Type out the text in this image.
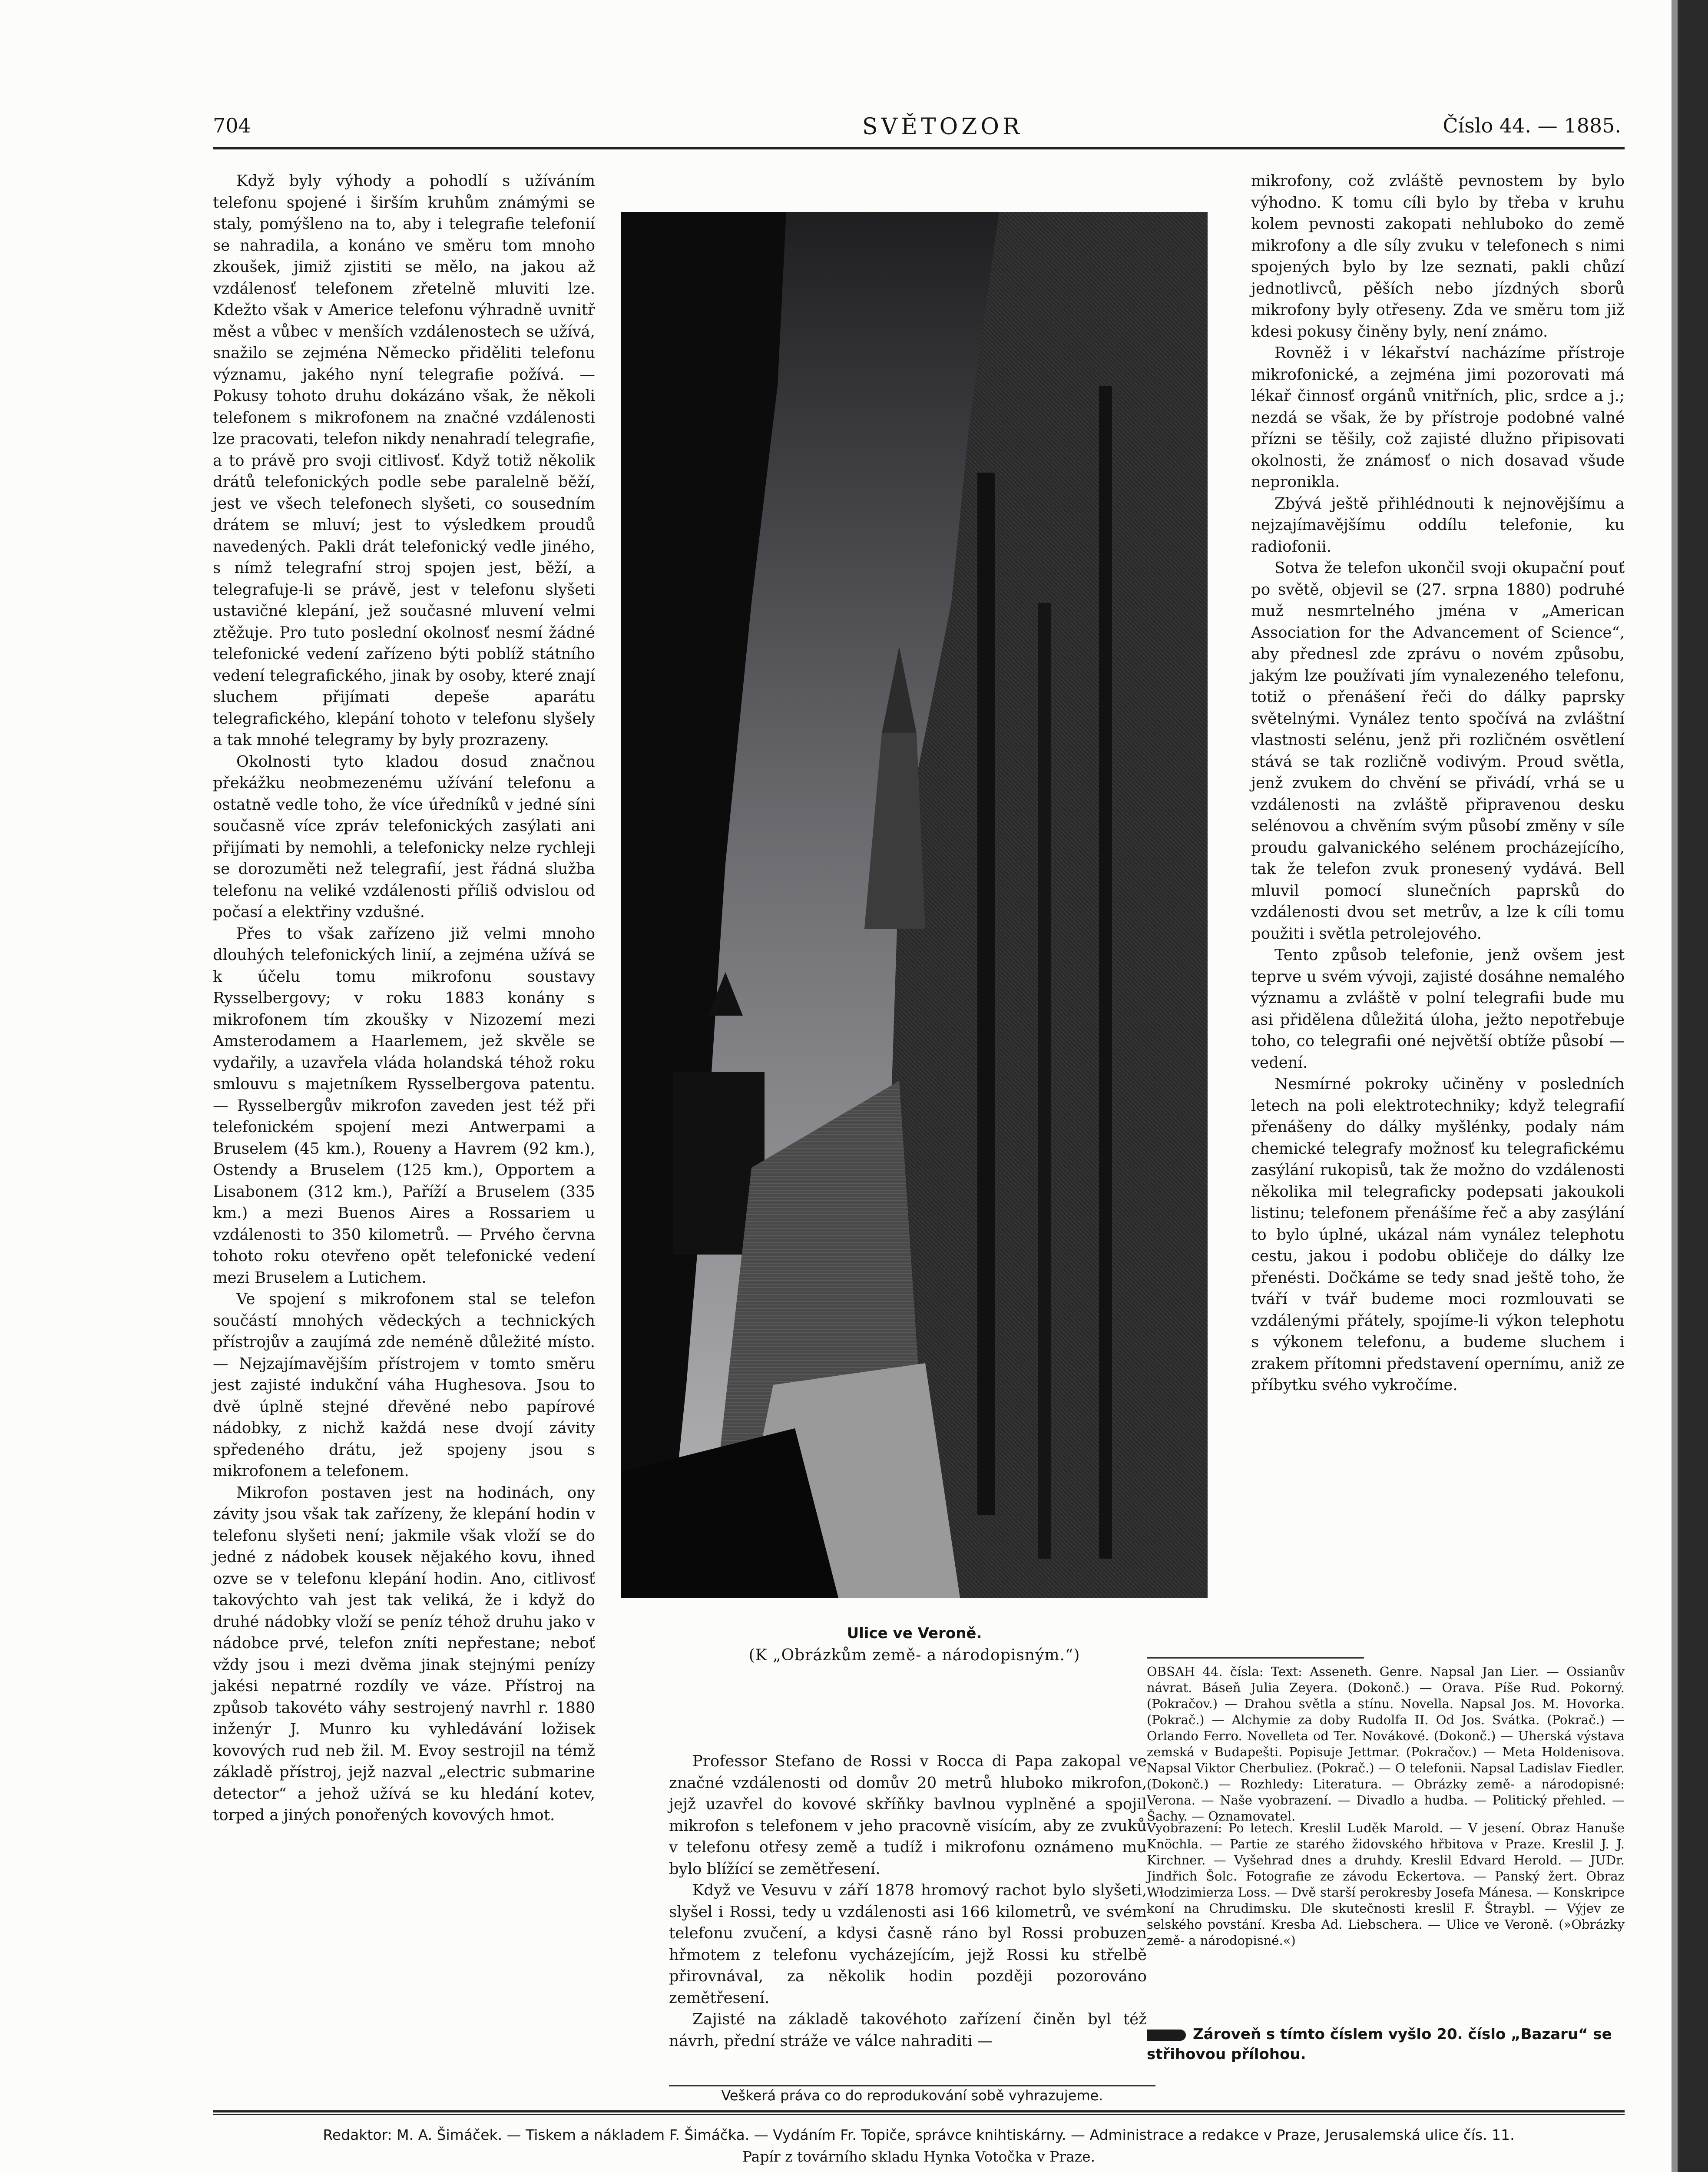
704	SVĚTOZOR	Číslo 44. — 1885.

Když byly výhody a pohodlí s užíváním telefonu spojené i širším kruhům známými se staly, pomýšleno na to, aby i telegrafie telefonií se nahradila, a konáno ve směru tom mnoho zkoušek, jimiž zjistiti se mělo, na jakou až vzdálenosť telefonem zřetelně mluviti lze. Kdežto však v Americe telefonu výhradně uvnitř měst a vůbec v menších vzdálenostech se užívá, snažilo se zejména Německo přiděliti telefonu významu, jakého nyní telegrafie požívá. — Pokusy tohoto druhu dokázáno však, že několi telefonem s mikrofonem na značné vzdálenosti lze pracovati, telefon nikdy nenahradí telegrafie, a to právě pro svoji citlivosť. Když totiž několik drátů telefonických podle sebe paralelně běží, jest ve všech telefonech slyšeti, co sousedním drátem se mluví; jest to výsledkem proudů navedených. Pakli drát telefonický vedle jiného, s nímž telegrafní stroj spojen jest, běží, a telegrafuje-li se právě, jest v telefonu slyšeti ustavičné klepání, jež současné mluvení velmi ztěžuje. Pro tuto poslední okolnosť nesmí žádné telefonické vedení zařízeno býti poblíž státního vedení telegrafického, jinak by osoby, které znají sluchem přijímati depeše aparátu telegrafického, klepání tohoto v telefonu slyšely a tak mnohé telegramy by byly prozrazeny.

Okolnosti tyto kladou dosud značnou překážku neobmezenému užívání telefonu a ostatně vedle toho, že více úředníků v jedné síni současně více zpráv telefonických zasýlati ani přijímati by nemohli, a telefonicky nelze rychleji se dorozuměti než telegrafií, jest řádná služba telefonu na veliké vzdálenosti příliš odvislou od počasí a elektřiny vzdušné.

Přes to však zařízeno již velmi mnoho dlouhých telefonických linií, a zejména užívá se k účelu tomu mikrofonu soustavy Rysselbergovy; v roku 1883 konány s mikrofonem tím zkoušky v Nizozemí mezi Amsterodamem a Haarlemem, jež skvěle se vydařily, a uzavřela vláda holandská téhož roku smlouvu s majetníkem Rysselbergova patentu. — Rysselbergův mikrofon zaveden jest též při telefonickém spojení mezi Antwerpami a Bruselem (45 km.), Roueny a Havrem (92 km.), Ostendy a Bruselem (125 km.), Opportem a Lisabonem (312 km.), Paříží a Bruselem (335 km.) a mezi Buenos Aires a Rossariem u vzdálenosti to 350 kilometrů. — Prvého června tohoto roku otevřeno opět telefonické vedení mezi Bruselem a Lutichem.

Ve spojení s mikrofonem stal se telefon součástí mnohých vědeckých a technických přístrojův a zaujímá zde neméně důležité místo. — Nejzajímavějším přístrojem v tomto směru jest zajisté indukční váha Hughesova. Jsou to dvě úplně stejné dřevěné nebo papírové nádobky, z nichž každá nese dvojí závity spředeného drátu, jež spojeny jsou s mikrofonem a telefonem.

Mikrofon postaven jest na hodinách, ony závity jsou však tak zařízeny, že klepání hodin v telefonu slyšeti není; jakmile však vloží se do jedné z nádobek kousek nějakého kovu, ihned ozve se v telefonu klepání hodin. Ano, citlivosť takovýchto vah jest tak veliká, že i když do druhé nádobky vloží se peníz téhož druhu jako v nádobce prvé, telefon zníti nepřestane; neboť vždy jsou i mezi dvěma jinak stejnými penízy jakési nepatrné rozdíly ve váze. Přístroj na způsob takovéto váhy sestrojený navrhl r. 1880 inženýr J. Munro ku vyhledávání ložisek kovových rud neb žil. M. Evoy sestrojil na témž základě přístroj, jejž nazval „electric submarine detector“ a jehož užívá se ku hledání kotev, torped a jiných ponořených kovových hmot.

Ulice ve Veroně.
(K „Obrázkům země- a národopisným.“)

Professor Stefano de Rossi v Rocca di Papa zakopal ve značné vzdálenosti od domův 20 metrů hluboko mikrofon, jejž uzavřel do kovové skříňky bavlnou vyplněné a spojil mikrofon s telefonem v jeho pracovně visícím, aby ze zvuků v telefonu otřesy země a tudíž i mikrofonu oznámeno mu bylo blížící se zemětřesení.

Když ve Vesuvu v září 1878 hromový rachot bylo slyšeti, slyšel i Rossi, tedy u vzdálenosti asi 166 kilometrů, ve svém telefonu zvučení, a kdysi časně ráno byl Rossi probuzen hřmotem z telefonu vycházejícím, jejž Rossi ku střelbě přirovnával, za několik hodin později pozorováno zemětřesení.

Zajisté na základě takovéhoto zařízení činěn byl též návrh, přední stráže ve válce nahraditi —

mikrofony, což zvláště pevnostem by bylo výhodno. K tomu cíli bylo by třeba v kruhu kolem pevnosti zakopati nehluboko do země mikrofony a dle síly zvuku v telefonech s nimi spojených bylo by lze seznati, pakli chůzí jednotlivců, pěších nebo jízdných sborů mikrofony byly otřeseny. Zda ve směru tom již kdesi pokusy činěny byly, není známo.

Rovněž i v lékařství nacházíme přístroje mikrofonické, a zejména jimi pozorovati má lékař činnosť orgánů vnitřních, plic, srdce a j.; nezdá se však, že by přístroje podobné valné přízni se těšily, což zajisté dlužno připisovati okolnosti, že známosť o nich dosavad všude nepronikla.

Zbývá ještě přihlédnouti k nejnovějšímu a nejzajímavějšímu oddílu telefonie, ku radiofonii.

Sotva že telefon ukončil svoji okupační pouť po světě, objevil se (27. srpna 1880) podruhé muž nesmrtelného jména v „American Association for the Advancement of Science“, aby přednesl zde zprávu o novém způsobu, jakým lze používati jím vynalezeného telefonu, totiž o přenášení řeči do dálky paprsky světelnými. Vynález tento spočívá na zvláštní vlastnosti selénu, jenž při rozličném osvětlení stává se tak rozličně vodivým. Proud světla, jenž zvukem do chvění se přivádí, vrhá se u vzdálenosti na zvláště připravenou desku selénovou a chvěním svým působí změny v síle proudu galvanického selénem procházejícího, tak že telefon zvuk pronesený vydává. Bell mluvil pomocí slunečních paprsků do vzdálenosti dvou set metrův, a lze k cíli tomu použiti i světla petrolejového.

Tento způsob telefonie, jenž ovšem jest teprve u svém vývoji, zajisté dosáhne nemalého významu a zvláště v polní telegrafii bude mu asi přidělena důležitá úloha, ježto nepotřebuje toho, co telegrafii oné největší obtíže působí — vedení.

Nesmírné pokroky učiněny v posledních letech na poli elektrotechniky; když telegrafií přenášeny do dálky myšlénky, podaly nám chemické telegrafy možnosť ku telegrafickému zasýlání rukopisů, tak že možno do vzdálenosti několika mil telegraficky podepsati jakoukoli listinu; telefonem přenášíme řeč a aby zasýlání to bylo úplné, ukázal nám vynález telephotu cestu, jakou i podobu obličeje do dálky lze přenésti. Dočkáme se tedy snad ještě toho, že tváří v tvář budeme moci rozmlouvati se vzdálenými přátely, spojíme-li výkon telephotu s výkonem telefonu, a budeme sluchem i zrakem přítomni představení opernímu, aniž ze příbytku svého vykročíme.

OBSAH 44. čísla: Text: Asseneth. Genre. Napsal Jan Lier. — Ossianův návrat. Báseň Julia Zeyera. (Dokonč.) — Orava. Píše Rud. Pokorný. (Pokračov.) — Drahou světla a stínu. Novella. Napsal Jos. M. Hovorka. (Pokrač.) — Alchymie za doby Rudolfa II. Od Jos. Svátka. (Pokrač.) — Orlando Ferro. Novelleta od Ter. Novákové. (Dokonč.) — Uherská výstava zemská v Budapešti. Popisuje Jettmar. (Pokračov.) — Meta Holdenisova. Napsal Viktor Cherbuliez. (Pokrač.) — O telefonii. Napsal Ladislav Fiedler. (Dokonč.) — Rozhledy: Literatura. — Obrázky země- a národopisné: Verona. — Naše vyobrazení. — Divadlo a hudba. — Politický přehled. — Šachy. — Oznamovatel.
Vyobrazení: Po letech. Kreslil Luděk Marold. — V jesení. Obraz Hanuše Knöchla. — Partie ze starého židovského hřbitova v Praze. Kreslil J. J. Kirchner. — Vyšehrad dnes a druhdy. Kreslil Edvard Herold. — JUDr. Jindřich Šolc. Fotografie ze závodu Eckertova. — Panský žert. Obraz Włodzimierza Loss. — Dvě starší perokresby Josefa Mánesa. — Konskripce koní na Chrudimsku. Dle skutečnosti kreslil F. Štraybl. — Výjev ze selského povstání. Kresba Ad. Liebschera. — Ulice ve Veroně. (»Obrázky země- a národopisné.«)
Zároveň s tímto číslem vyšlo 20. číslo „Bazaru“ se střihovou přílohou.
Veškerá práva co do reprodukování sobě vyhrazujeme.
Redaktor: M. A. Šimáček. — Tiskem a nákladem F. Šimáčka. — Vydáním Fr. Topiče, správce knihtiskárny. — Administrace a redakce v Praze, Jerusalemská ulice čís. 11.
Papír z továrního skladu Hynka Votočka v Praze.
